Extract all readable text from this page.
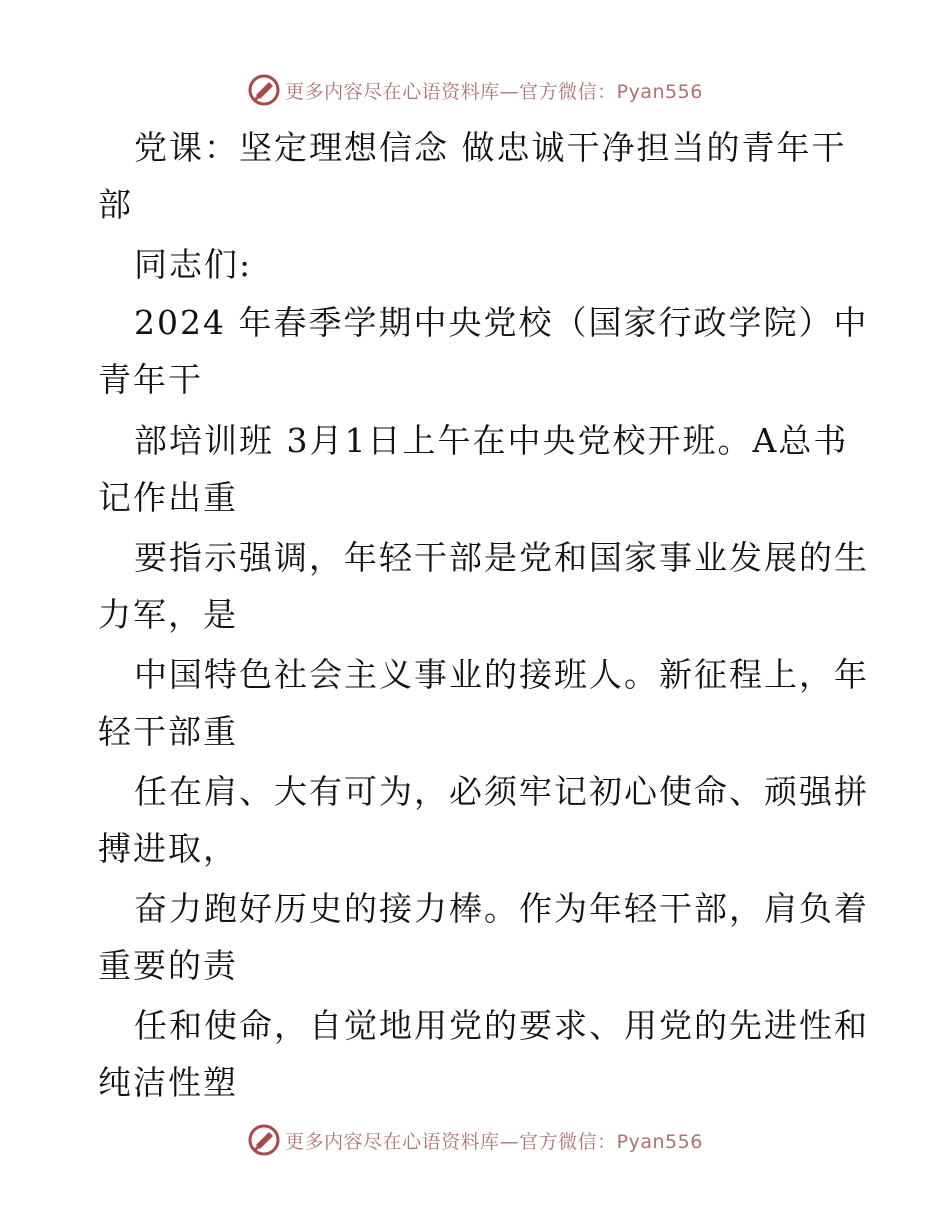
更多内容尽在心语资料库—官方微信：Pyan556
党课：坚定理想信念 做忠诚干净担当的青年干
部
同志们:
2024 年春季学期中央党校（国家行政学院）中
青年干
部培训班 3月1日上午在中央党校开班。A总书
记作出重
要指示强调，年轻干部是党和国家事业发展的生
力军，是
中国特色社会主义事业的接班人。新征程上，年
轻干部重
任在肩、大有可为，必须牢记初心使命、顽强拼
搏进取，
奋力跑好历史的接力棒。作为年轻干部，肩负着
重要的责
任和使命，自觉地用党的要求、用党的先进性和
纯洁性塑
更多内容尽在心语资料库—官方微信：Pyan556
